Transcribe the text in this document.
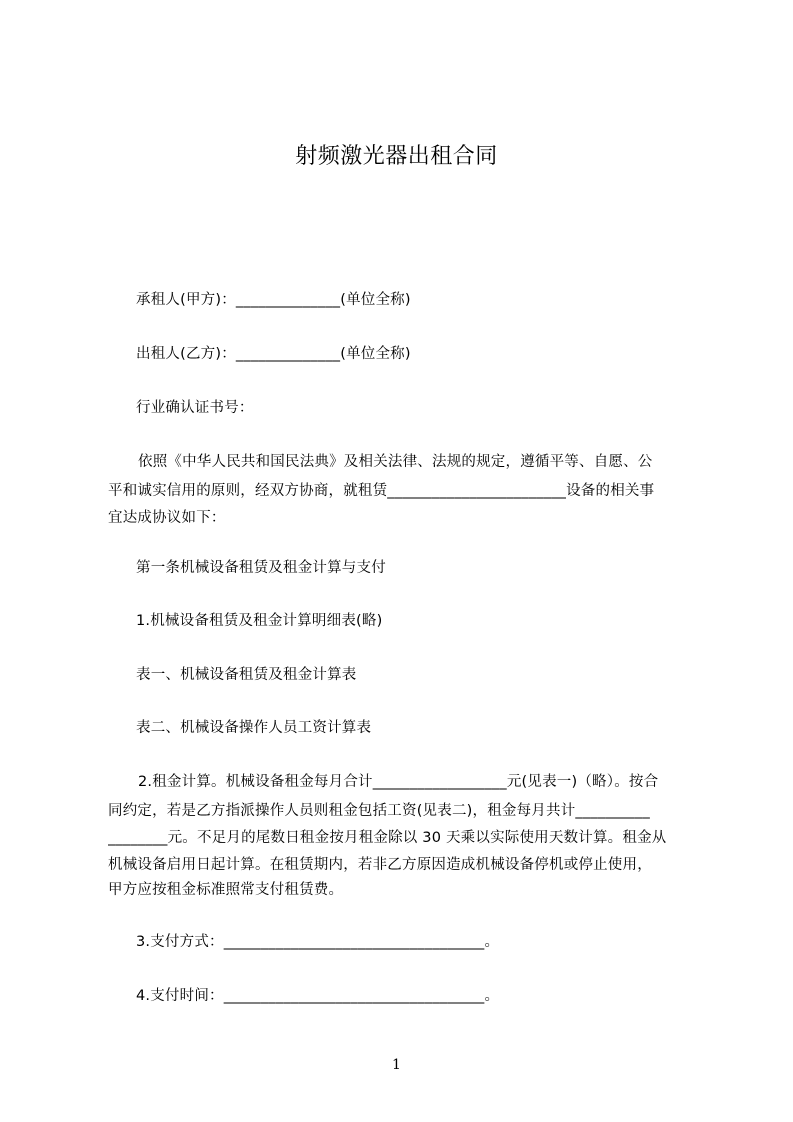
射频激光器出租合同
承租人(甲方)：______________(单位全称)
出租人(乙方)：______________(单位全称)
行业确认证书号：
依照《中华人民共和国民法典》及相关法律、法规的规定，遵循平等、自愿、公
平和诚实信用的原则，经双方协商，就租赁________________________设备的相关事
宜达成协议如下：
第一条机械设备租赁及租金计算与支付
1.机械设备租赁及租金计算明细表(略)
表一、机械设备租赁及租金计算表
表二、机械设备操作人员工资计算表
2.租金计算。机械设备租金每月合计__________________元(见表一)（略）。按合
同约定，若是乙方指派操作人员则租金包括工资(见表二)，租金每月共计__________
________元。不足月的尾数日租金按月租金除以 30 天乘以实际使用天数计算。租金从
机械设备启用日起计算。在租赁期内，若非乙方原因造成机械设备停机或停止使用，
甲方应按租金标准照常支付租赁费。
3.支付方式：___________________________________。
4.支付时间：___________________________________。
1
